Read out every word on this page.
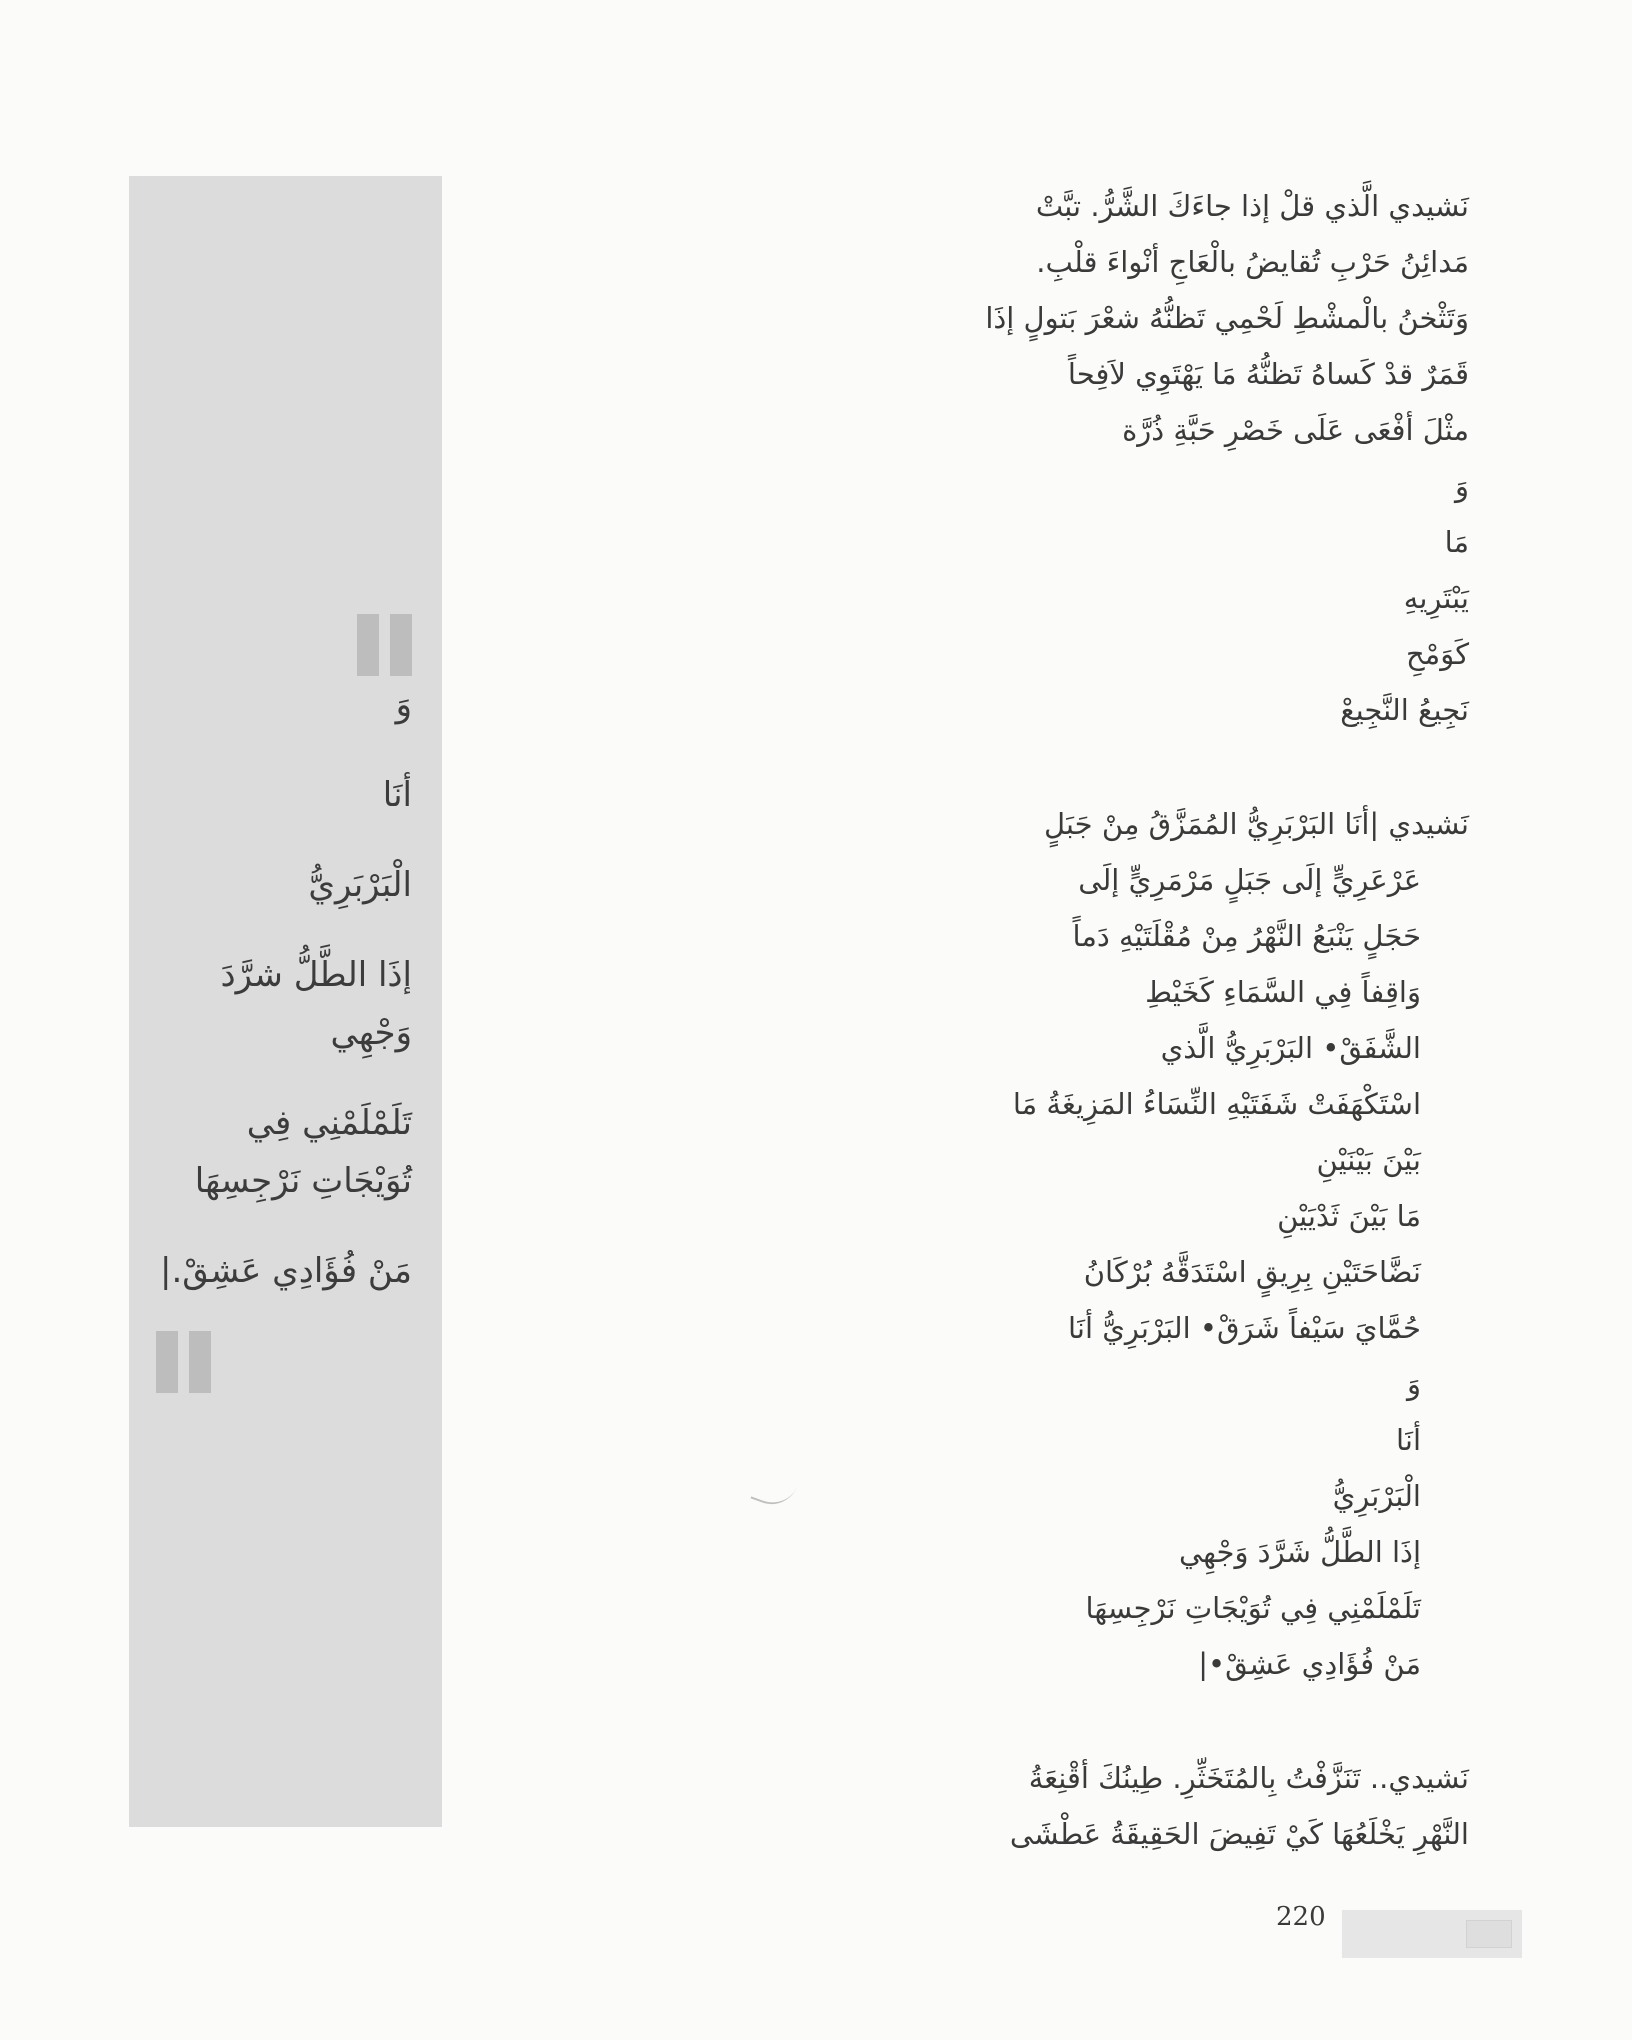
وَ
أنَا
الْبَرْبَرِيُّ
إذَا الطَّلُّ شرَّدَ
وَجْهِي
تَلَمْلَمْنِي فِي
تُوَيْجَاتِ نَرْجِسِهَا
مَنْ فُؤَادِي عَشِقْ.|
نَشيدي الَّذي قلْ إذا جاءَكَ الشَّرُّ. تبَّتْ
مَدائِنُ حَرْبِ تُقايضُ بالْعَاجِ أنْواءَ قلْبِ.
وَتَثْخنُ بالْمشْطِ لَحْمِي تَظنُّهُ شعْرَ بَتولٍ إذَا
قَمَرٌ قدْ كَساهُ تَظنُّهُ مَا يَهْتَوِي لاَفِحاً
مثْلَ أفْعَى عَلَى خَصْرِ حَبَّةِ ذُرَّة
وَ
مَا
يَبْتَرِيهِ
كَوَمْحِ
نَجِيعُ النَّجِيعْ
نَشيدي |أنَا البَرْبَرِيُّ المُمَزَّقُ مِنْ جَبَلٍ
عَرْعَرِيٍّ إلَى جَبَلٍ مَرْمَرِيٍّ إلَى
حَجَلٍ يَنْبَعُ النَّهْرُ مِنْ مُقْلَتَيْهِ دَماً
وَاقِفاً فِي السَّمَاءِ كَخَيْطِ
الشَّفَقْ• البَرْبَرِيُّ الَّذي
اسْتَكْهَفَتْ شَفَتَيْهِ النِّسَاءُ المَزِيغَةُ مَا
بَيْنَ بَيْنَيْنِ
مَا بَيْنَ ثَدْيَيْنِ
نَضَّاحَتَيْنِ بِرِيقٍ اسْتَدَقَّهُ بُرْكَانُ
حُمَّايَ سَيْفاً شَرَقْ• البَرْبَرِيُّ أنَا
وَ
أنَا
الْبَرْبَرِيُّ
إذَا الطَّلُّ شَرَّدَ وَجْهِي
تَلَمْلَمْنِي فِي تُوَيْجَاتِ نَرْجِسِهَا
مَنْ فُؤَادِي عَشِقْ•|
نَشيدي.. تَنَزَّفْتُ بِالمُتَخَثِّرِ. طِينُكَ أقْنِعَةُ
النَّهْرِ يَخْلَعُهَا كَيْ تَفِيضَ الحَقِيقَةُ عَطْشَى
220
